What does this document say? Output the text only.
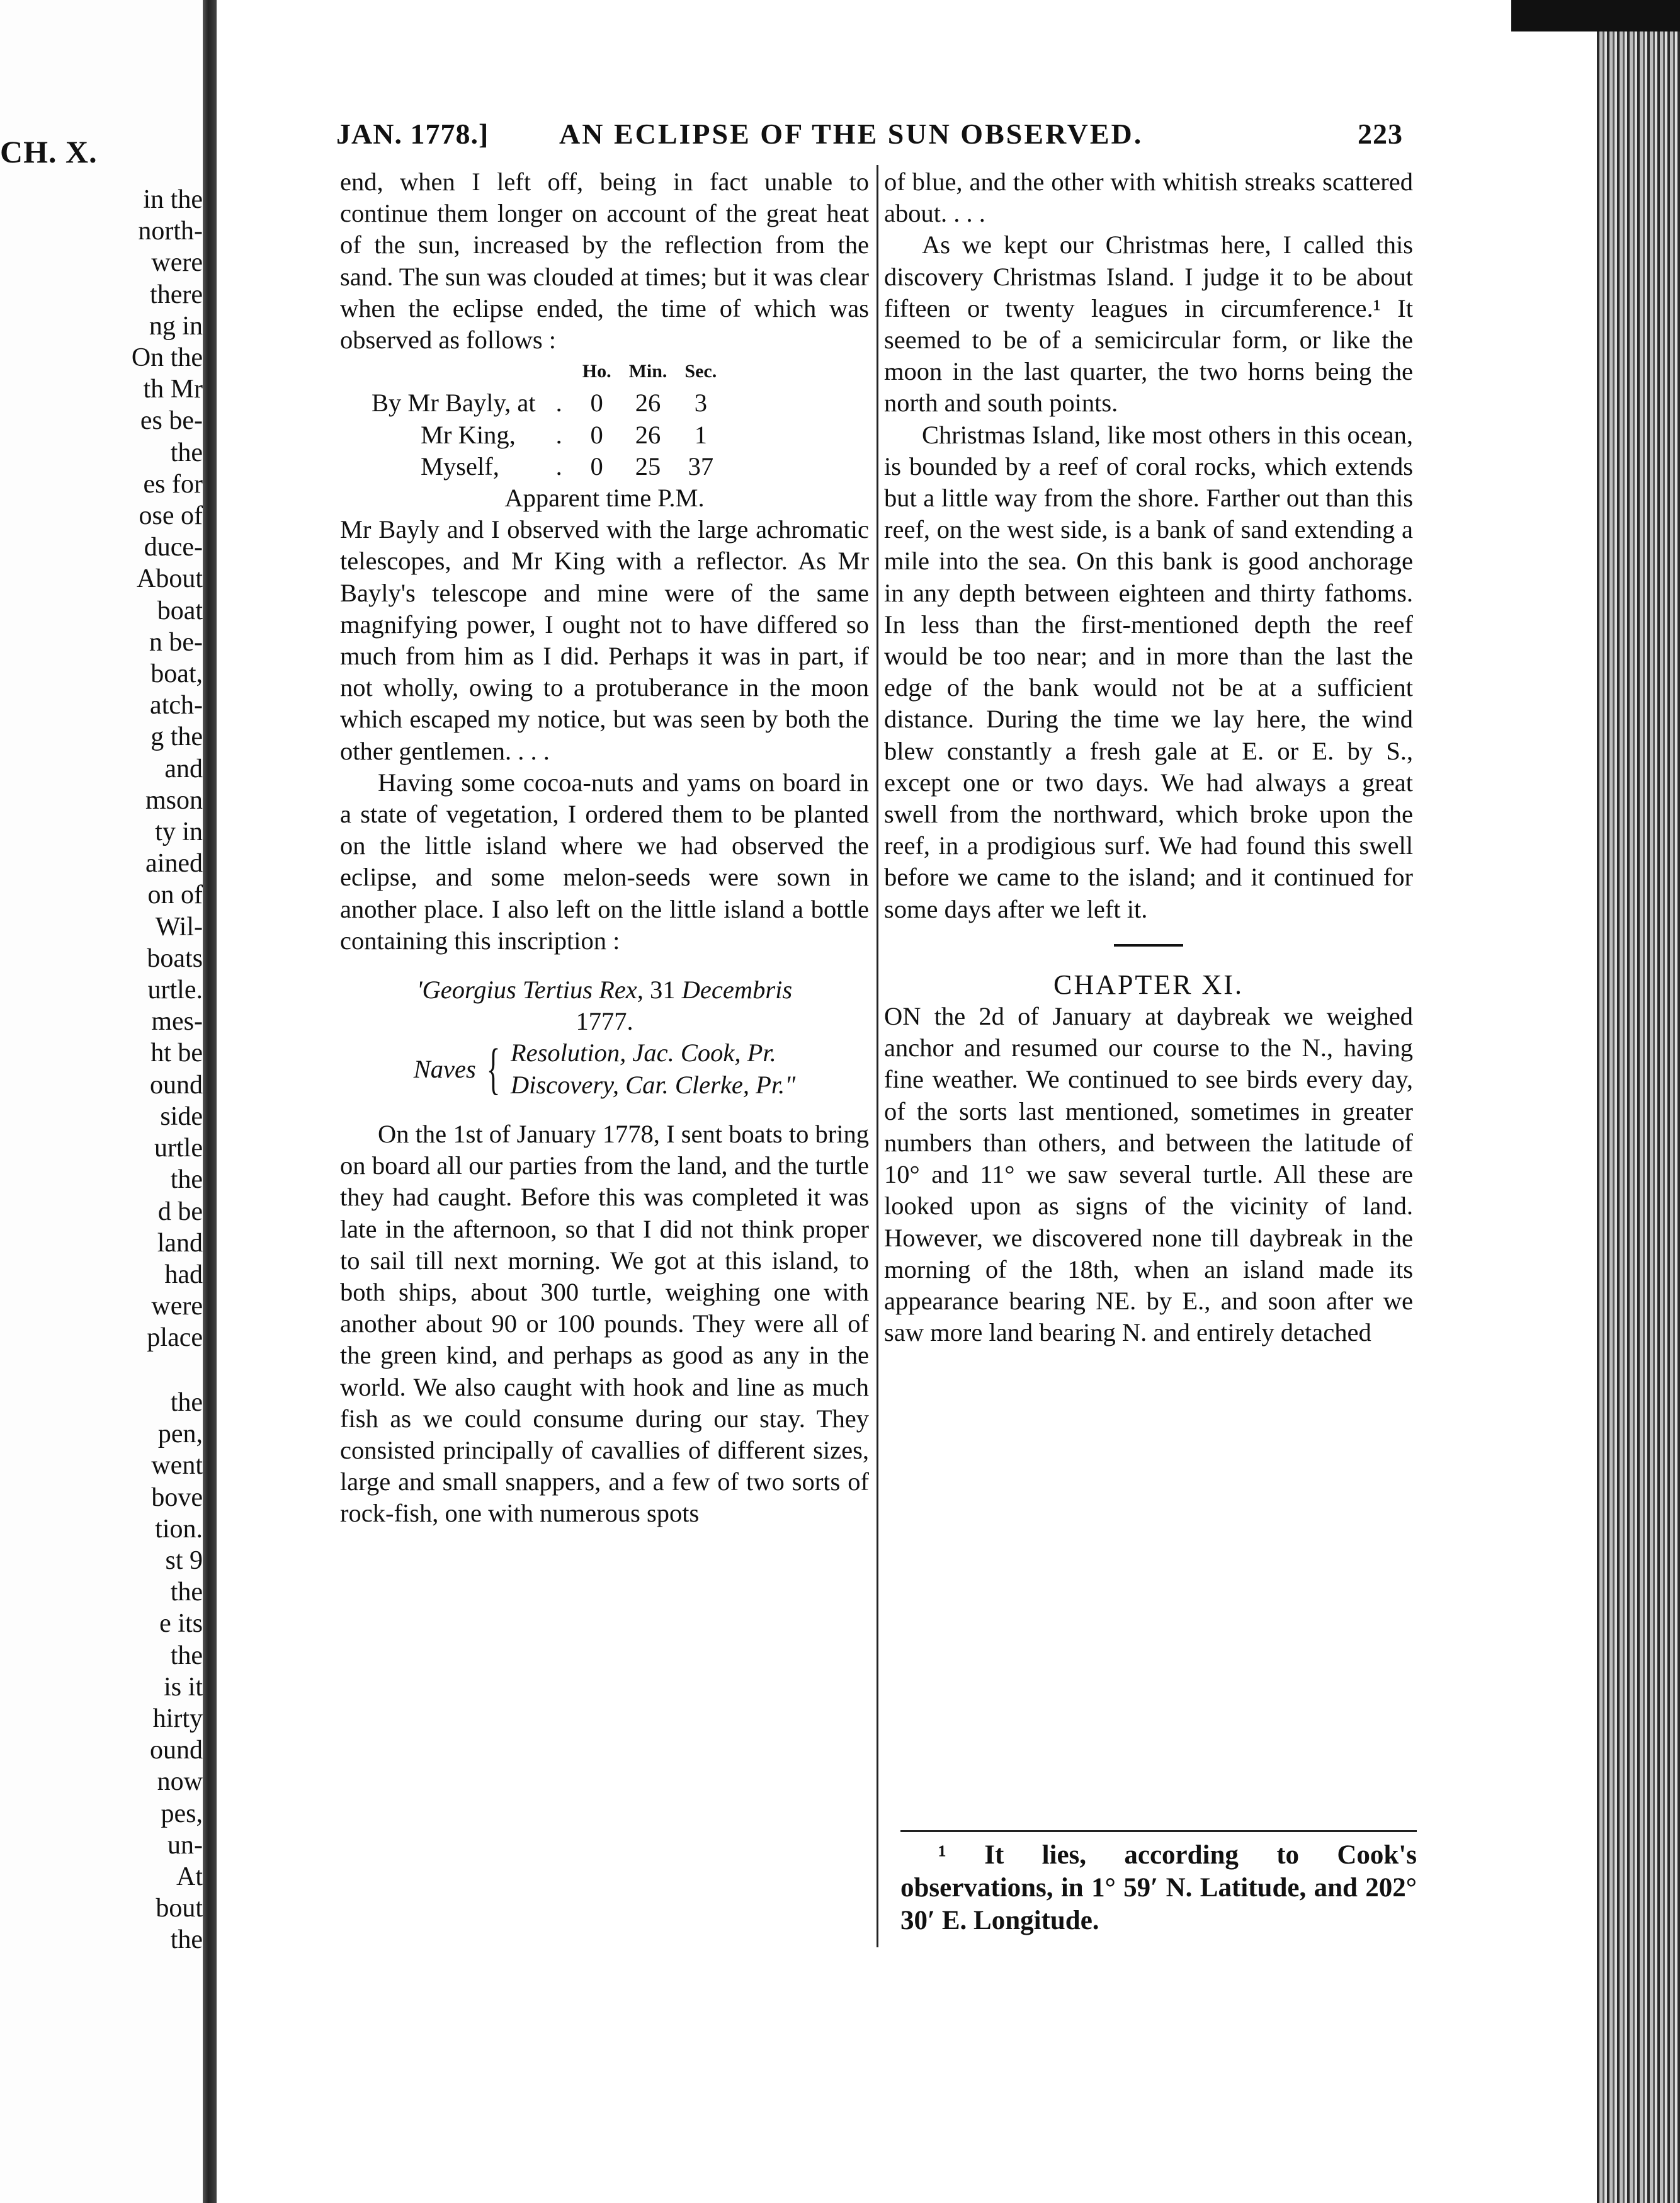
CH. X.
in the
north-
were
there
ng in
On the
th Mr
es be-
the
es for
ose of
duce-
About
boat
n be-
boat,
atch-
g the
and
mson
ty in
ained
on of
Wil-
boats
urtle.
mes-
ht be
ound
side
urtle
the
d be
land
had
were
place
the
pen,
went
bove
tion.
st 9
the
e its
the
is it
hirty
ound
now
pes,
un-
At
bout
the
JAN. 1778.] AN ECLIPSE OF THE SUN OBSERVED.	223

end, when I left off, being in fact unable to continue them longer on account of the great heat of the sun, increased by the reflection from the sand. The sun was clouded at times; but it was clear when the eclipse ended, the time of which was observed as follows :

		Ho.	Min.	Sec.
By Mr Bayly, at	.	0	26	3
Mr King,	.	0	26	1
Myself,	.	0	25	37

Apparent time P.M.

Mr Bayly and I observed with the large achromatic telescopes, and Mr King with a reflector. As Mr Bayly's telescope and mine were of the same magnifying power, I ought not to have differed so much from him as I did. Perhaps it was in part, if not wholly, owing to a protuberance in the moon which escaped my notice, but was seen by both the other gentlemen. . . .

Having some cocoa-nuts and yams on board in a state of vegetation, I ordered them to be planted on the little island where we had observed the eclipse, and some melon-seeds were sown in another place. I also left on the little island a bottle containing this inscription :

'Georgius Tertius Rex, 31 Decembris

1777.

Naves { Resolution, Jac. Cook, Pr.
Discovery, Car. Clerke, Pr."

On the 1st of January 1778, I sent boats to bring on board all our parties from the land, and the turtle they had caught. Before this was completed it was late in the afternoon, so that I did not think proper to sail till next morning. We got at this island, to both ships, about 300 turtle, weighing one with another about 90 or 100 pounds. They were all of the green kind, and perhaps as good as any in the world. We also caught with hook and line as much fish as we could consume during our stay. They consisted principally of cavallies of different sizes, large and small snappers, and a few of two sorts of rock-fish, one with numerous spots

of blue, and the other with whitish streaks scattered about. . . .

As we kept our Christmas here, I called this discovery Christmas Island. I judge it to be about fifteen or twenty leagues in circumference.¹ It seemed to be of a semicircular form, or like the moon in the last quarter, the two horns being the north and south points.

Christmas Island, like most others in this ocean, is bounded by a reef of coral rocks, which extends but a little way from the shore. Farther out than this reef, on the west side, is a bank of sand extending a mile into the sea. On this bank is good anchorage in any depth between eighteen and thirty fathoms. In less than the first-mentioned depth the reef would be too near; and in more than the last the edge of the bank would not be at a sufficient distance. During the time we lay here, the wind blew constantly a fresh gale at E. or E. by S., except one or two days. We had always a great swell from the northward, which broke upon the reef, in a prodigious surf. We had found this swell before we came to the island; and it continued for some days after we left it.

CHAPTER XI.

ON the 2d of January at daybreak we weighed anchor and resumed our course to the N., having fine weather. We continued to see birds every day, of the sorts last mentioned, sometimes in greater numbers than others, and between the latitude of 10° and 11° we saw several turtle. All these are looked upon as signs of the vicinity of land. However, we discovered none till daybreak in the morning of the 18th, when an island made its appearance bearing NE. by E., and soon after we saw more land bearing N. and entirely detached

¹ It lies, according to Cook's observations, in 1° 59′ N. Latitude, and 202° 30′ E. Longitude.
